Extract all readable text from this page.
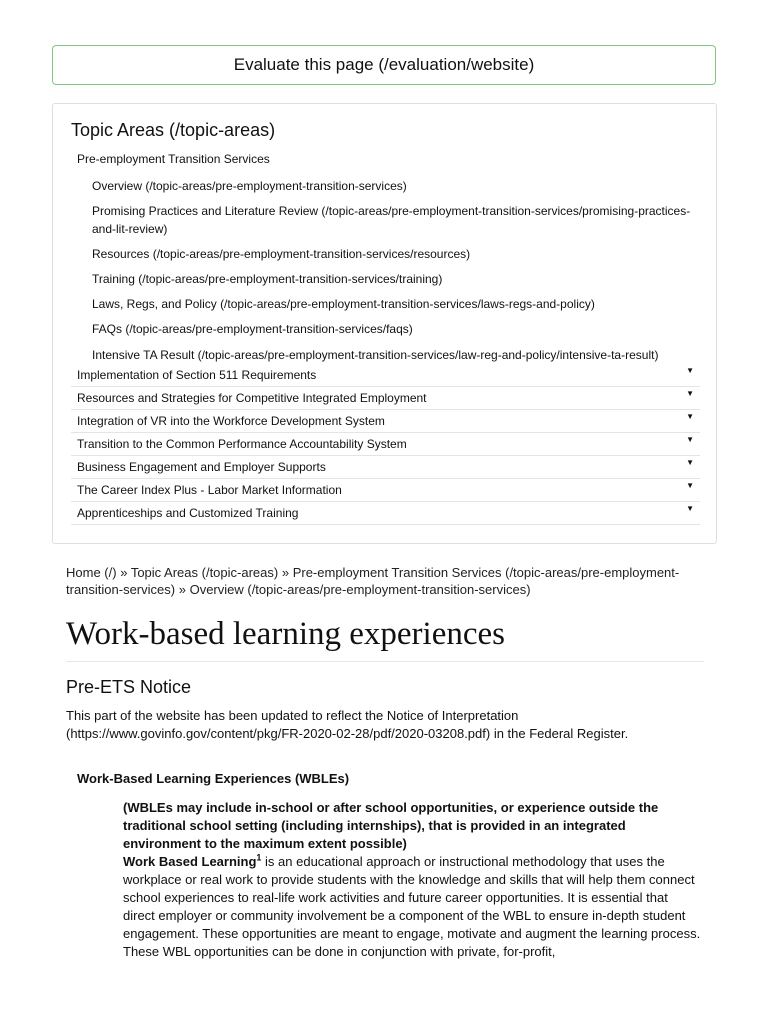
Evaluate this page (/evaluation/website)
Topic Areas (/topic-areas)
Pre-employment Transition Services
Overview (/topic-areas/pre-employment-transition-services)
Promising Practices and Literature Review (/topic-areas/pre-employment-transition-services/promising-practices-and-lit-review)
Resources (/topic-areas/pre-employment-transition-services/resources)
Training (/topic-areas/pre-employment-transition-services/training)
Laws, Regs, and Policy (/topic-areas/pre-employment-transition-services/laws-regs-and-policy)
FAQs (/topic-areas/pre-employment-transition-services/faqs)
Intensive TA Result (/topic-areas/pre-employment-transition-services/law-reg-and-policy/intensive-ta-result)
Implementation of Section 511 Requirements	▼
Resources and Strategies for Competitive Integrated Employment	▼
Integration of VR into the Workforce Development System	▼
Transition to the Common Performance Accountability System	▼
Business Engagement and Employer Supports	▼
The Career Index Plus - Labor Market Information	▼
Apprenticeships and Customized Training	▼
Home (/) » Topic Areas (/topic-areas) » Pre-employment Transition Services (/topic-areas/pre-employment-transition-services) » Overview (/topic-areas/pre-employment-transition-services)
Work-based learning experiences
Pre-ETS Notice
This part of the website has been updated to reflect the Notice of Interpretation (https://www.govinfo.gov/content/pkg/FR-2020-02-28/pdf/2020-03208.pdf) in the Federal Register.
Work-Based Learning Experiences (WBLEs)
(WBLEs may include in-school or after school opportunities, or experience outside the traditional school setting (including internships), that is provided in an integrated environment to the maximum extent possible)
Work Based Learning$^1$ is an educational approach or instructional methodology that uses the workplace or real work to provide students with the knowledge and skills that will help them connect school experiences to real-life work activities and future career opportunities. It is essential that direct employer or community involvement be a component of the WBL to ensure in-depth student engagement. These opportunities are meant to engage, motivate and augment the learning process. These WBL opportunities can be done in conjunction with private, for-profit,
